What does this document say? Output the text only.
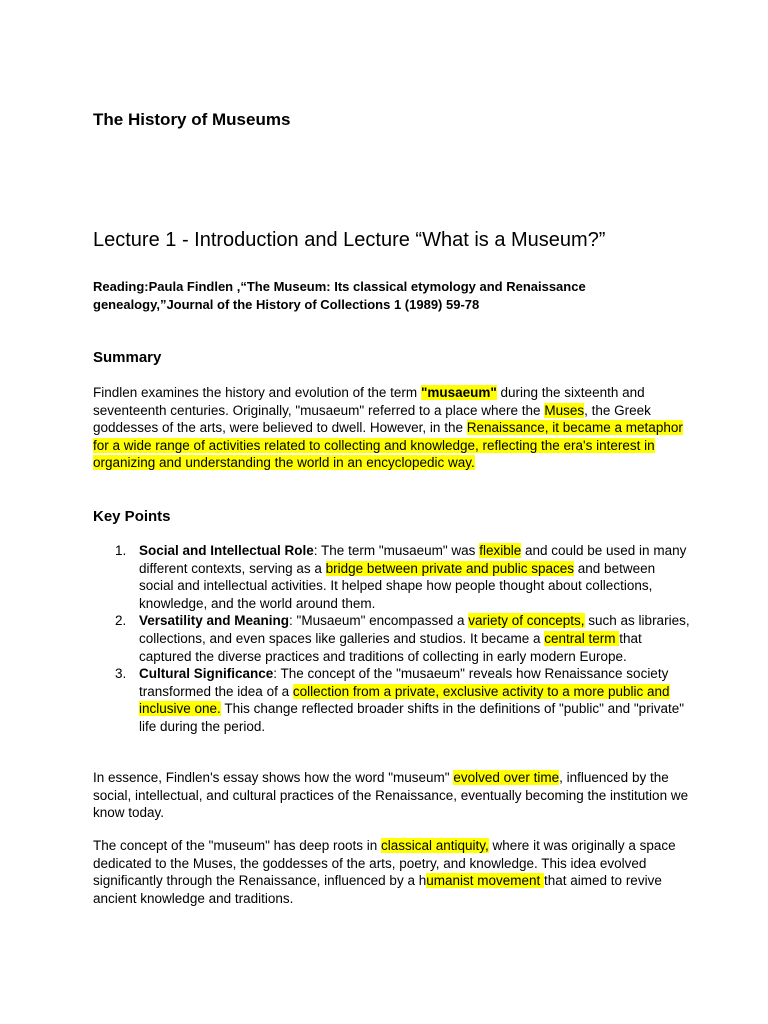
The History of Museums
Lecture 1 - Introduction and Lecture “What is a Museum?”

Reading:Paula Findlen ,“The Museum: Its classical etymology and Renaissance
genealogy,”Journal of the History of Collections 1 (1989) 59-78

Summary

Findlen examines the history and evolution of the term "musaeum" during the sixteenth and seventeenth centuries. Originally, "musaeum" referred to a place where the Muses, the Greek goddesses of the arts, were believed to dwell. However, in the Renaissance, it became a metaphor for a wide range of activities related to collecting and knowledge, reflecting the era's interest in organizing and understanding the world in an encyclopedic way.

Key Points
1. Social and Intellectual Role: The term "musaeum" was flexible and could be used in many different contexts, serving as a bridge between private and public spaces and between social and intellectual activities. It helped shape how people thought about collections, knowledge, and the world around them.
2. Versatility and Meaning: "Musaeum" encompassed a variety of concepts, such as libraries, collections, and even spaces like galleries and studios. It became a central term that captured the diverse practices and traditions of collecting in early modern Europe.
3. Cultural Significance: The concept of the "musaeum" reveals how Renaissance society transformed the idea of a collection from a private, exclusive activity to a more public and inclusive one. This change reflected broader shifts in the definitions of "public" and "private" life during the period.

In essence, Findlen's essay shows how the word "museum" evolved over time, influenced by the social, intellectual, and cultural practices of the Renaissance, eventually becoming the institution we know today.

The concept of the "museum" has deep roots in classical antiquity, where it was originally a space dedicated to the Muses, the goddesses of the arts, poetry, and knowledge. This idea evolved significantly through the Renaissance, influenced by a humanist movement that aimed to revive ancient knowledge and traditions.
